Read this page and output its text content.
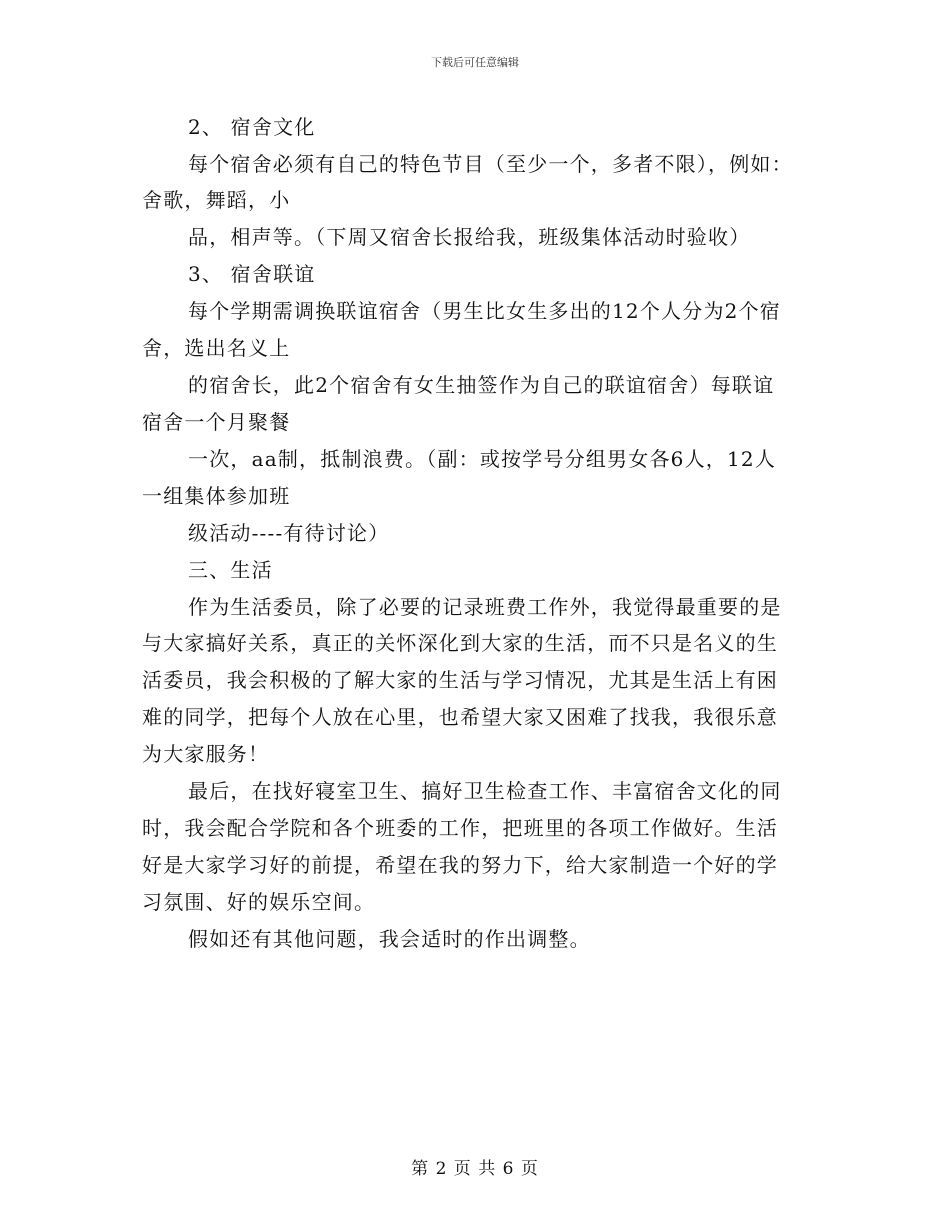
下载后可任意编辑
2、 宿舍文化
每个宿舍必须有自己的特色节目（至少一个，多者不限），例如：
舍歌，舞蹈，小
品，相声等。（下周又宿舍长报给我，班级集体活动时验收）
3、 宿舍联谊
每个学期需调换联谊宿舍（男生比女生多出的12个人分为2个宿
舍，选出名义上
的宿舍长，此2个宿舍有女生抽签作为自己的联谊宿舍）每联谊
宿舍一个月聚餐
一次，aa制，抵制浪费。（副：或按学号分组男女各6人，12人
一组集体参加班
级活动----有待讨论）
三、生活
作为生活委员，除了必要的记录班费工作外，我觉得最重要的是
与大家搞好关系，真正的关怀深化到大家的生活，而不只是名义的生
活委员，我会积极的了解大家的生活与学习情况，尤其是生活上有困
难的同学，把每个人放在心里，也希望大家又困难了找我，我很乐意
为大家服务！
最后，在找好寝室卫生、搞好卫生检查工作、丰富宿舍文化的同
时，我会配合学院和各个班委的工作，把班里的各项工作做好。生活
好是大家学习好的前提，希望在我的努力下，给大家制造一个好的学
习氛围、好的娱乐空间。
假如还有其他问题，我会适时的作出调整。
第 2 页 共 6 页
